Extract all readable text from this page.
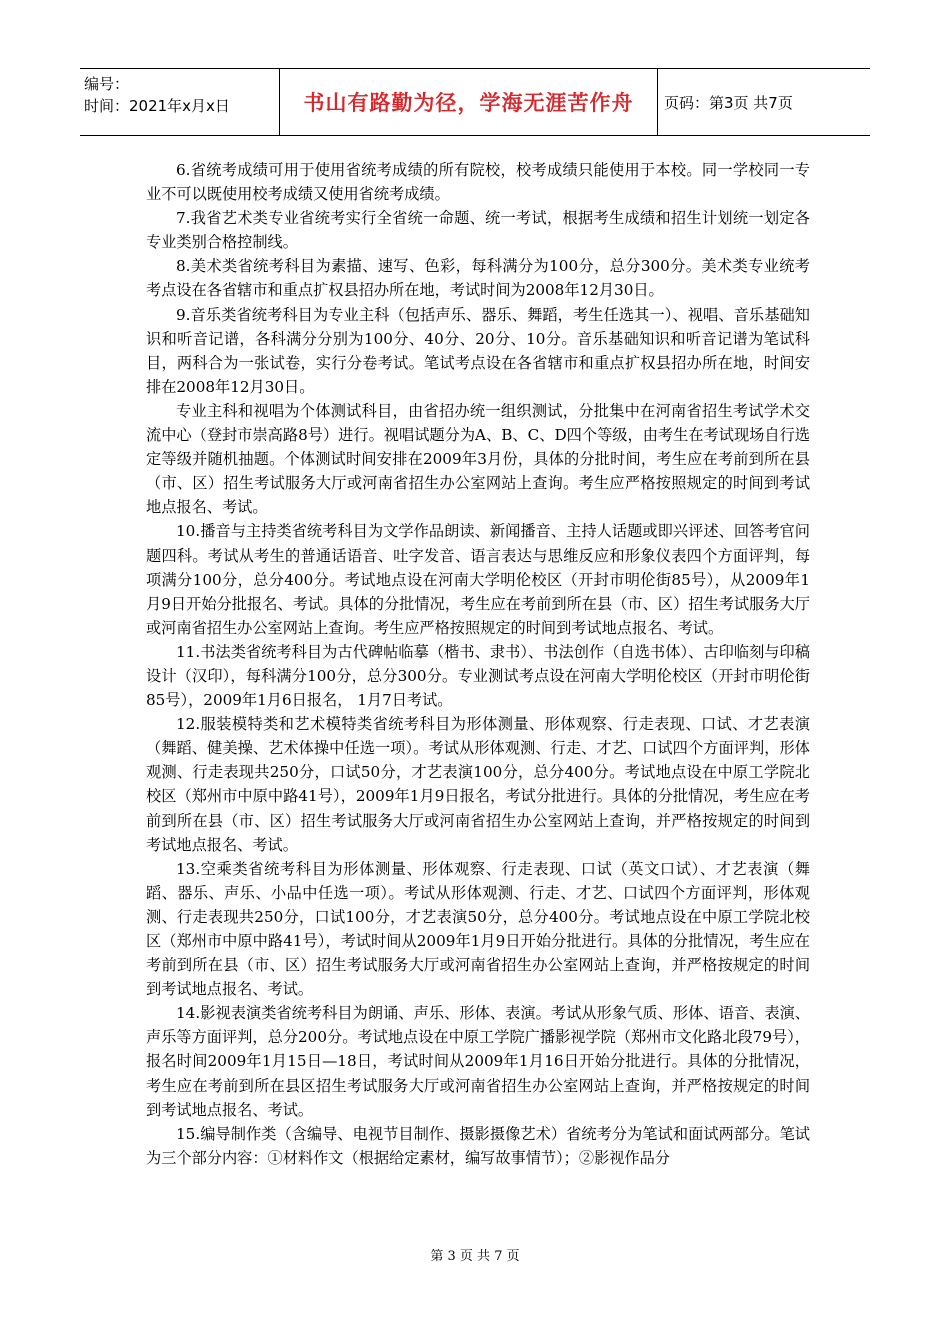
编号：
时间：2021年x月x日	书山有路勤为径，学海无涯苦作舟	页码：第3页 共7页

6.省统考成绩可用于使用省统考成绩的所有院校，校考成绩只能使用于本校。同一学校同一专业不可以既使用校考成绩又使用省统考成绩。

7.我省艺术类专业省统考实行全省统一命题、统一考试，根据考生成绩和招生计划统一划定各专业类别合格控制线。

8.美术类省统考科目为素描、速写、色彩，每科满分为100分，总分300分。美术类专业统考考点设在各省辖市和重点扩权县招办所在地，考试时间为2008年12月30日。

9.音乐类省统考科目为专业主科（包括声乐、器乐、舞蹈，考生任选其一）、视唱、音乐基础知识和听音记谱，各科满分分别为100分、40分、20分、10分。音乐基础知识和听音记谱为笔试科目，两科合为一张试卷，实行分卷考试。笔试考点设在各省辖市和重点扩权县招办所在地，时间安排在2008年12月30日。

专业主科和视唱为个体测试科目，由省招办统一组织测试，分批集中在河南省招生考试学术交流中心（登封市崇高路8号）进行。视唱试题分为A、B、C、D四个等级，由考生在考试现场自行选定等级并随机抽题。个体测试时间安排在2009年3月份，具体的分批时间，考生应在考前到所在县（市、区）招生考试服务大厅或河南省招生办公室网站上查询。考生应严格按照规定的时间到考试地点报名、考试。

10.播音与主持类省统考科目为文学作品朗读、新闻播音、主持人话题或即兴评述、回答考官问题四科。考试从考生的普通话语音、吐字发音、语言表达与思维反应和形象仪表四个方面评判，每项满分100分，总分400分。考试地点设在河南大学明伦校区（开封市明伦街85号），从2009年1月9日开始分批报名、考试。具体的分批情况，考生应在考前到所在县（市、区）招生考试服务大厅或河南省招生办公室网站上查询。考生应严格按照规定的时间到考试地点报名、考试。

11.书法类省统考科目为古代碑帖临摹（楷书、隶书）、书法创作（自选书体）、古印临刻与印稿设计（汉印），每科满分100分，总分300分。专业测试考点设在河南大学明伦校区（开封市明伦街85号），2009年1月6日报名， 1月7日考试。

12.服装模特类和艺术模特类省统考科目为形体测量、形体观察、行走表现、口试、才艺表演（舞蹈、健美操、艺术体操中任选一项）。考试从形体观测、行走、才艺、口试四个方面评判，形体观测、行走表现共250分，口试50分，才艺表演100分，总分400分。考试地点设在中原工学院北校区（郑州市中原中路41号），2009年1月9日报名，考试分批进行。具体的分批情况，考生应在考前到所在县（市、区）招生考试服务大厅或河南省招生办公室网站上查询，并严格按规定的时间到考试地点报名、考试。

13.空乘类省统考科目为形体测量、形体观察、行走表现、口试（英文口试）、才艺表演（舞蹈、器乐、声乐、小品中任选一项）。考试从形体观测、行走、才艺、口试四个方面评判，形体观测、行走表现共250分，口试100分，才艺表演50分，总分400分。考试地点设在中原工学院北校区（郑州市中原中路41号），考试时间从2009年1月9日开始分批进行。具体的分批情况，考生应在考前到所在县（市、区）招生考试服务大厅或河南省招生办公室网站上查询，并严格按规定的时间到考试地点报名、考试。

14.影视表演类省统考科目为朗诵、声乐、形体、表演。考试从形象气质、形体、语音、表演、声乐等方面评判，总分200分。考试地点设在中原工学院广播影视学院（郑州市文化路北段79号），报名时间2009年1月15日—18日，考试时间从2009年1月16日开始分批进行。具体的分批情况，考生应在考前到所在县区招生考试服务大厅或河南省招生办公室网站上查询，并严格按规定的时间到考试地点报名、考试。

15.编导制作类（含编导、电视节目制作、摄影摄像艺术）省统考分为笔试和面试两部分。笔试为三个部分内容：①材料作文（根据给定素材，编写故事情节）；②影视作品分

第 3 页 共 7 页
